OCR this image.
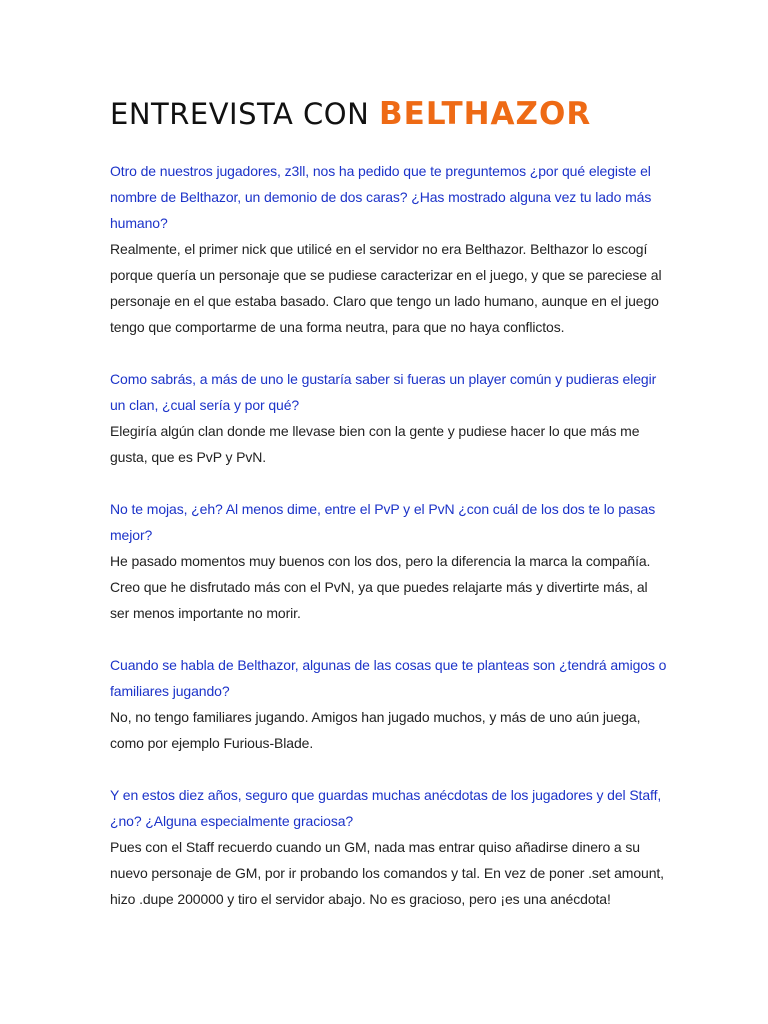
ENTREVISTA CON BELTHAZOR

Otro de nuestros jugadores, z3ll, nos ha pedido que te preguntemos ¿por qué elegiste el nombre de Belthazor, un demonio de dos caras? ¿Has mostrado alguna vez tu lado más humano?

Realmente, el primer nick que utilicé en el servidor no era Belthazor. Belthazor lo escogí porque quería un personaje que se pudiese caracterizar en el juego, y que se pareciese al personaje en el que estaba basado. Claro que tengo un lado humano, aunque en el juego tengo que comportarme de una forma neutra, para que no haya conflictos.

Como sabrás, a más de uno le gustaría saber si fueras un player común y pudieras elegir un clan, ¿cual sería y por qué?

Elegiría algún clan donde me llevase bien con la gente y pudiese hacer lo que más me gusta, que es PvP y PvN.

No te mojas, ¿eh? Al menos dime, entre el PvP y el PvN ¿con cuál de los dos te lo pasas mejor?

He pasado momentos muy buenos con los dos, pero la diferencia la marca la compañía. Creo que he disfrutado más con el PvN, ya que puedes relajarte más y divertirte más, al ser menos importante no morir.

Cuando se habla de Belthazor, algunas de las cosas que te planteas son ¿tendrá amigos o familiares jugando?

No, no tengo familiares jugando. Amigos han jugado muchos, y más de uno aún juega, como por ejemplo Furious-Blade.

Y en estos diez años, seguro que guardas muchas anécdotas de los jugadores y del Staff, ¿no? ¿Alguna especialmente graciosa?

Pues con el Staff recuerdo cuando un GM, nada mas entrar quiso añadirse dinero a su nuevo personaje de GM, por ir probando los comandos y tal. En vez de poner .set amount, hizo .dupe 200000 y tiro el servidor abajo. No es gracioso, pero ¡es una anécdota!
